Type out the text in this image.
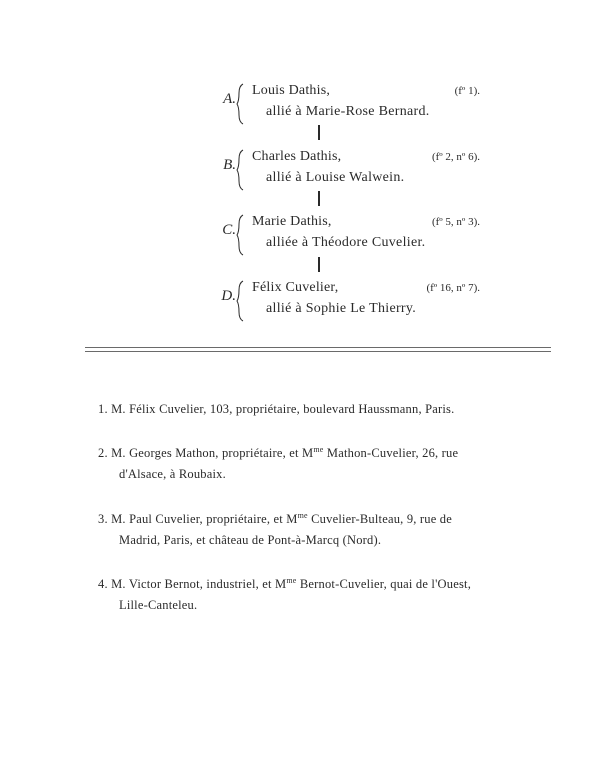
A.
Louis Dathis,	(fº 1).
allié à Marie-Rose Bernard.
B.
Charles Dathis,	(fº 2, nº 6).
allié à Louise Walwein.
C.
Marie Dathis,	(fº 5, nº 3).
alliée à Théodore Cuvelier.
D.
Félix Cuvelier,	(fº 16, nº 7).
allié à Sophie Le Thierry.
1. M. Félix Cuvelier, 103, propriétaire, boulevard Haussmann, Paris.
2. M. Georges Mathon, propriétaire, et $M^{me}$ Mathon-Cuvelier, 26, rue
d'Alsace, à Roubaix.
3. M. Paul Cuvelier, propriétaire, et $M^{me}$ Cuvelier-Bulteau, 9, rue de
Madrid, Paris, et château de Pont-à-Marcq (Nord).
4. M. Victor Bernot, industriel, et $M^{me}$ Bernot-Cuvelier, quai de l'Ouest,
Lille-Canteleu.
